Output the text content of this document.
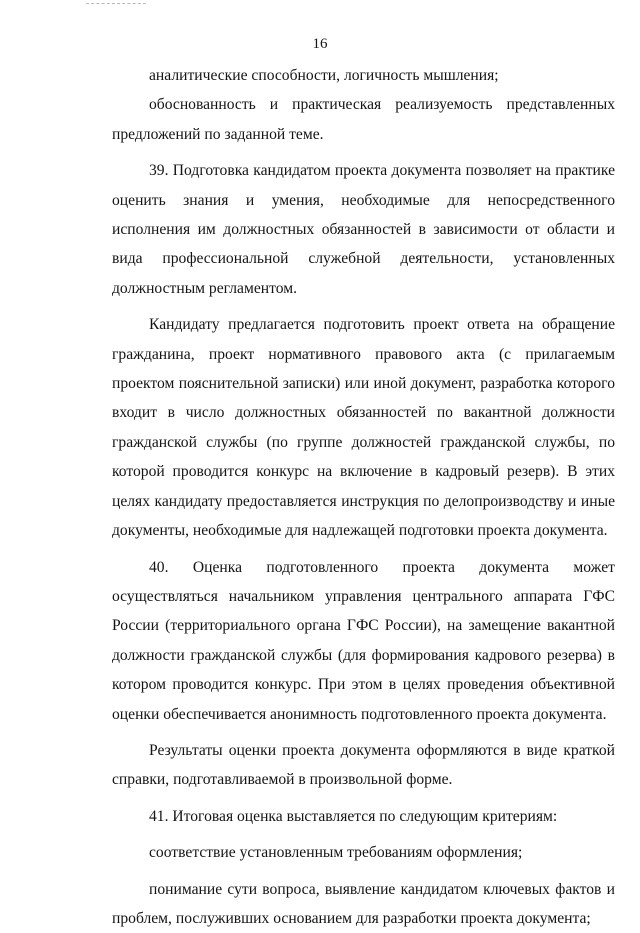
16

аналитические способности, логичность мышления;

обоснованность и практическая реализуемость представленных предложений по заданной теме.

39. Подготовка кандидатом проекта документа позволяет на практике оценить знания и умения, необходимые для непосредственного исполнения им должностных обязанностей в зависимости от области и вида профессиональной служебной деятельности, установленных должностным регламентом.

Кандидату предлагается подготовить проект ответа на обращение гражданина, проект нормативного правового акта (с прилагаемым проектом пояснительной записки) или иной документ, разработка которого входит в число должностных обязанностей по вакантной должности гражданской службы (по группе должностей гражданской службы, по которой проводится конкурс на включение в кадровый резерв). В этих целях кандидату предоставляется инструкция по делопроизводству и иные документы, необходимые для надлежащей подготовки проекта документа.

40. Оценка подготовленного проекта документа может осуществляться начальником управления центрального аппарата ГФС России (территориального органа ГФС России), на замещение вакантной должности гражданской службы (для формирования кадрового резерва) в котором проводится конкурс. При этом в целях проведения объективной оценки обеспечивается анонимность подготовленного проекта документа.

Результаты оценки проекта документа оформляются в виде краткой справки, подготавливаемой в произвольной форме.

41. Итоговая оценка выставляется по следующим критериям:

соответствие установленным требованиям оформления;

понимание сути вопроса, выявление кандидатом ключевых фактов и проблем, послуживших основанием для разработки проекта документа;
